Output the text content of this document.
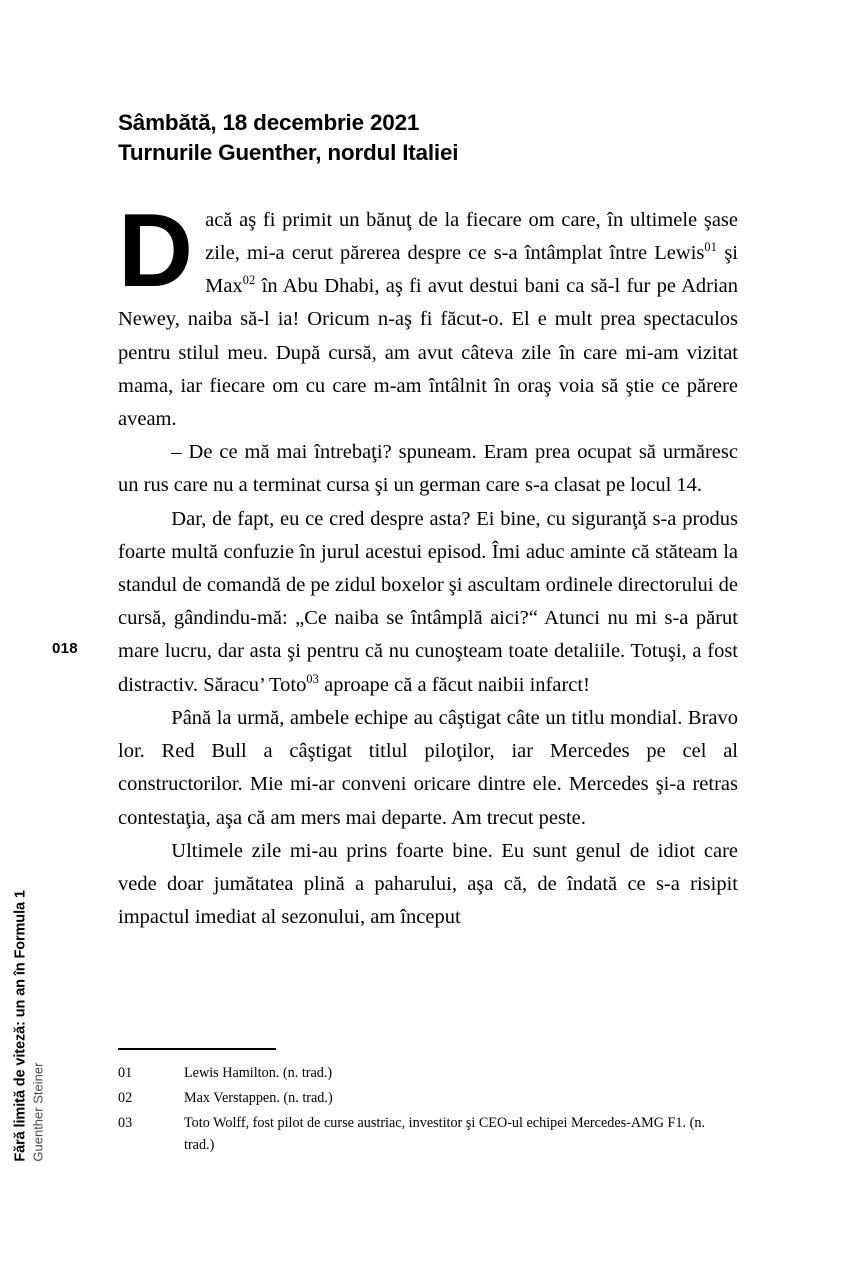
Fără limită de viteză: un an în Formula 1 Guenther Steiner
018
Sâmbătă, 18 decembrie 2021
Turnurile Guenther, nordul Italiei

Dacă aş fi primit un bănuţ de la fiecare om care, în ultimele şase zile, mi-a cerut părerea despre ce s-a întâmplat între Lewis$^{01}$ şi Max$^{02}$ în Abu Dhabi, aş fi avut destui bani ca să-l fur pe Adrian Newey, naiba să-l ia! Oricum n-aş fi făcut-o. El e mult prea spectaculos pentru stilul meu. După cursă, am avut câteva zile în care mi-am vizitat mama, iar fiecare om cu care m-am întâlnit în oraş voia să ştie ce părere aveam.

– De ce mă mai întrebaţi? spuneam. Eram prea ocupat să urmăresc un rus care nu a terminat cursa şi un german care s-a clasat pe locul 14.

Dar, de fapt, eu ce cred despre asta? Ei bine, cu siguranţă s-a produs foarte multă confuzie în jurul acestui episod. Îmi aduc aminte că stăteam la standul de comandă de pe zidul boxelor şi ascultam ordinele directorului de cursă, gândindu-mă: „Ce naiba se întâmplă aici?“ Atunci nu mi s-a părut mare lucru, dar asta şi pentru că nu cunoşteam toate detaliile. Totuşi, a fost distractiv. Săracu’ Toto$^{03}$ aproape că a făcut naibii infarct!

Până la urmă, ambele echipe au câştigat câte un titlu mondial. Bravo lor. Red Bull a câştigat titlul piloţilor, iar Mercedes pe cel al constructorilor. Mie mi-ar conveni oricare dintre ele. Mercedes şi-a retras contestaţia, aşa că am mers mai departe. Am trecut peste.

Ultimele zile mi-au prins foarte bine. Eu sunt genul de idiot care vede doar jumătatea plină a paharului, aşa că, de îndată ce s-a risipit impactul imediat al sezonului, am început

01	Lewis Hamilton. (n. trad.)
02	Max Verstappen. (n. trad.)
03	Toto Wolff, fost pilot de curse austriac, investitor şi CEO-ul echipei Mercedes-AMG F1. (n. trad.)
